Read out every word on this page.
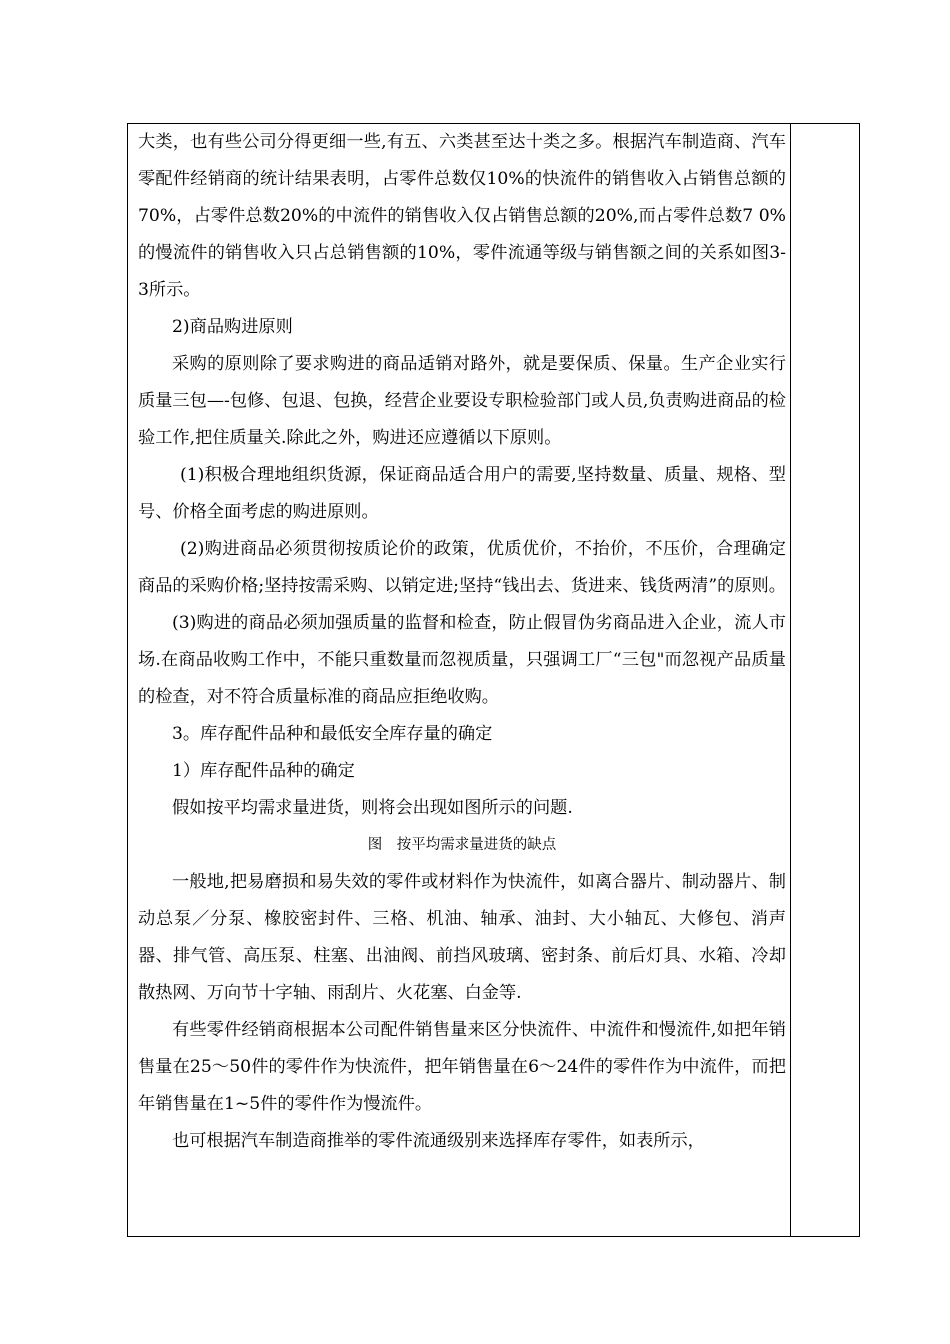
大类，也有些公司分得更细一些,有五、六类甚至达十类之多。根据汽车制造商、汽车零配件经销商的统计结果表明，占零件总数仅10%的快流件的销售收入占销售总额的70%，占零件总数20%的中流件的销售收入仅占销售总额的20%,而占零件总数7 0%的慢流件的销售收入只占总销售额的10%，零件流通等级与销售额之间的关系如图3-3所示。

2)商品购进原则

采购的原则除了要求购进的商品适销对路外，就是要保质、保量。生产企业实行质量三包—-包修、包退、包换，经营企业要设专职检验部门或人员,负责购进商品的检验工作,把住质量关.除此之外，购进还应遵循以下原则。

(1)积极合理地组织货源，保证商品适合用户的需要,坚持数量、质量、规格、型号、价格全面考虑的购进原则。

(2)购进商品必须贯彻按质论价的政策，优质优价，不抬价，不压价，合理确定商品的采购价格;坚持按需采购、以销定进;坚持“钱出去、货进来、钱货两清”的原则。

(3)购进的商品必须加强质量的监督和检查，防止假冒伪劣商品进入企业，流人市场.在商品收购工作中，不能只重数量而忽视质量，只强调工厂“三包"而忽视产品质量的检查，对不符合质量标准的商品应拒绝收购。

3。库存配件品种和最低安全库存量的确定

1）库存配件品种的确定

假如按平均需求量进货，则将会出现如图所示的问题.

图　按平均需求量进货的缺点

一般地,把易磨损和易失效的零件或材料作为快流件，如离合器片、制动器片、制动总泵／分泵、橡胶密封件、三格、机油、轴承、油封、大小轴瓦、大修包、消声器、排气管、高压泵、柱塞、出油阀、前挡风玻璃、密封条、前后灯具、水箱、冷却散热网、万向节十字轴、雨刮片、火花塞、白金等.

有些零件经销商根据本公司配件销售量来区分快流件、中流件和慢流件,如把年销售量在25～50件的零件作为快流件，把年销售量在6～24件的零件作为中流件，而把年销售量在1~5件的零件作为慢流件。

也可根据汽车制造商推举的零件流通级别来选择库存零件，如表所示，
